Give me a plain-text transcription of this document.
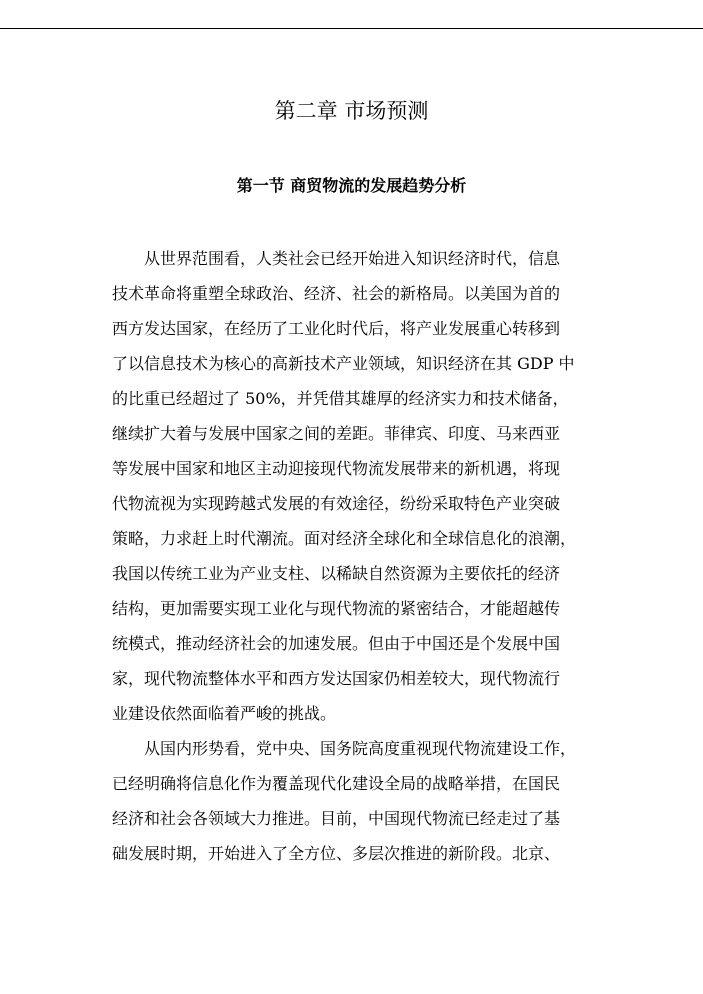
第二章 市场预测
第一节 商贸物流的发展趋势分析
从世界范围看，人类社会已经开始进入知识经济时代，信息
技术革命将重塑全球政治、经济、社会的新格局。以美国为首的
西方发达国家，在经历了工业化时代后，将产业发展重心转移到
了以信息技术为核心的高新技术产业领域，知识经济在其 GDP 中
的比重已经超过了 50%，并凭借其雄厚的经济实力和技术储备，
继续扩大着与发展中国家之间的差距。菲律宾、印度、马来西亚
等发展中国家和地区主动迎接现代物流发展带来的新机遇，将现
代物流视为实现跨越式发展的有效途径，纷纷采取特色产业突破
策略，力求赶上时代潮流。面对经济全球化和全球信息化的浪潮，
我国以传统工业为产业支柱、以稀缺自然资源为主要依托的经济
结构，更加需要实现工业化与现代物流的紧密结合，才能超越传
统模式，推动经济社会的加速发展。但由于中国还是个发展中国
家，现代物流整体水平和西方发达国家仍相差较大，现代物流行
业建设依然面临着严峻的挑战。
从国内形势看，党中央、国务院高度重视现代物流建设工作，
已经明确将信息化作为覆盖现代化建设全局的战略举措，在国民
经济和社会各领域大力推进。目前，中国现代物流已经走过了基
础发展时期，开始进入了全方位、多层次推进的新阶段。北京、
